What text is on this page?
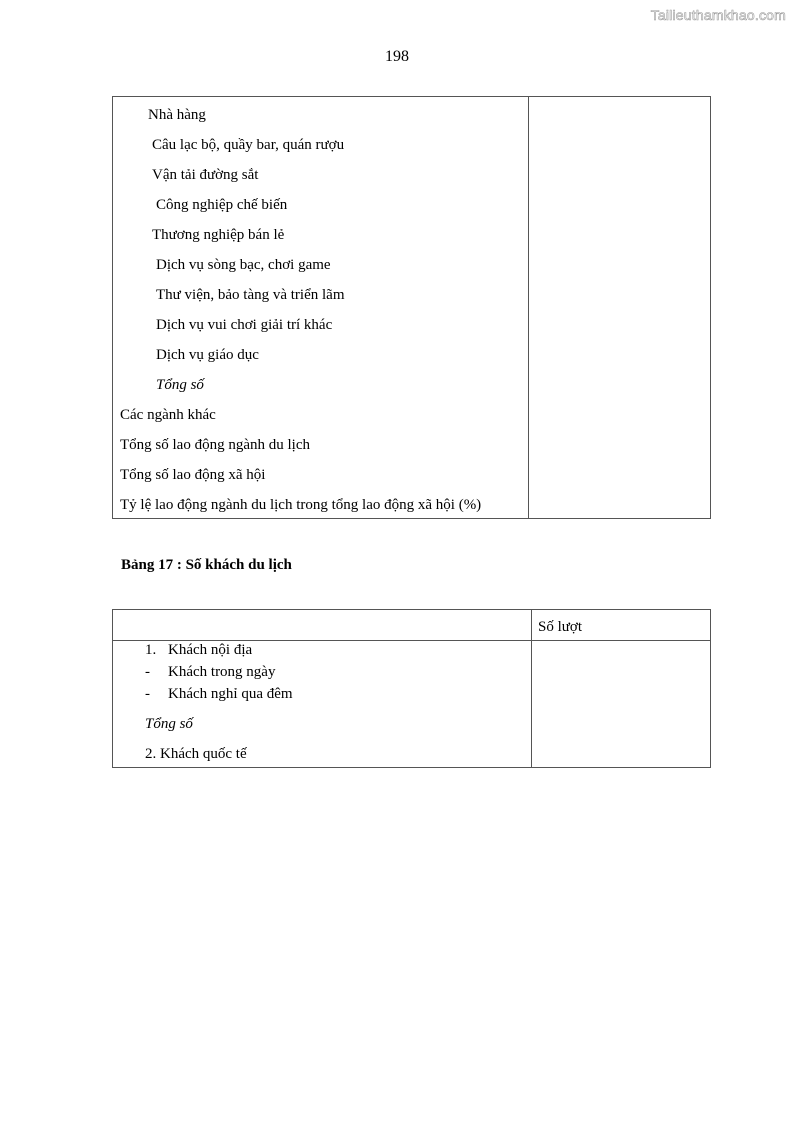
Tailieuthamkhao.com
198
Nhà hàng
Câu lạc bộ, quầy bar, quán rượu
Vận tải đường sắt
Công nghiệp chế biến
Thương nghiệp bán lẻ
Dịch vụ sòng bạc, chơi game
Thư viện, bảo tàng và triển lãm
Dịch vụ vui chơi giải trí khác
Dịch vụ giáo dục
Tổng số
Các ngành khác
Tổng số lao động ngành du lịch
Tổng số lao động xã hội
Tỷ lệ lao động ngành du lịch trong tổng lao động xã hội (%)
Bảng 17 : Số khách du lịch
Số lượt
1. Khách nội địa
- Khách trong ngày
- Khách nghỉ qua đêm
Tổng số
2. Khách quốc tế
